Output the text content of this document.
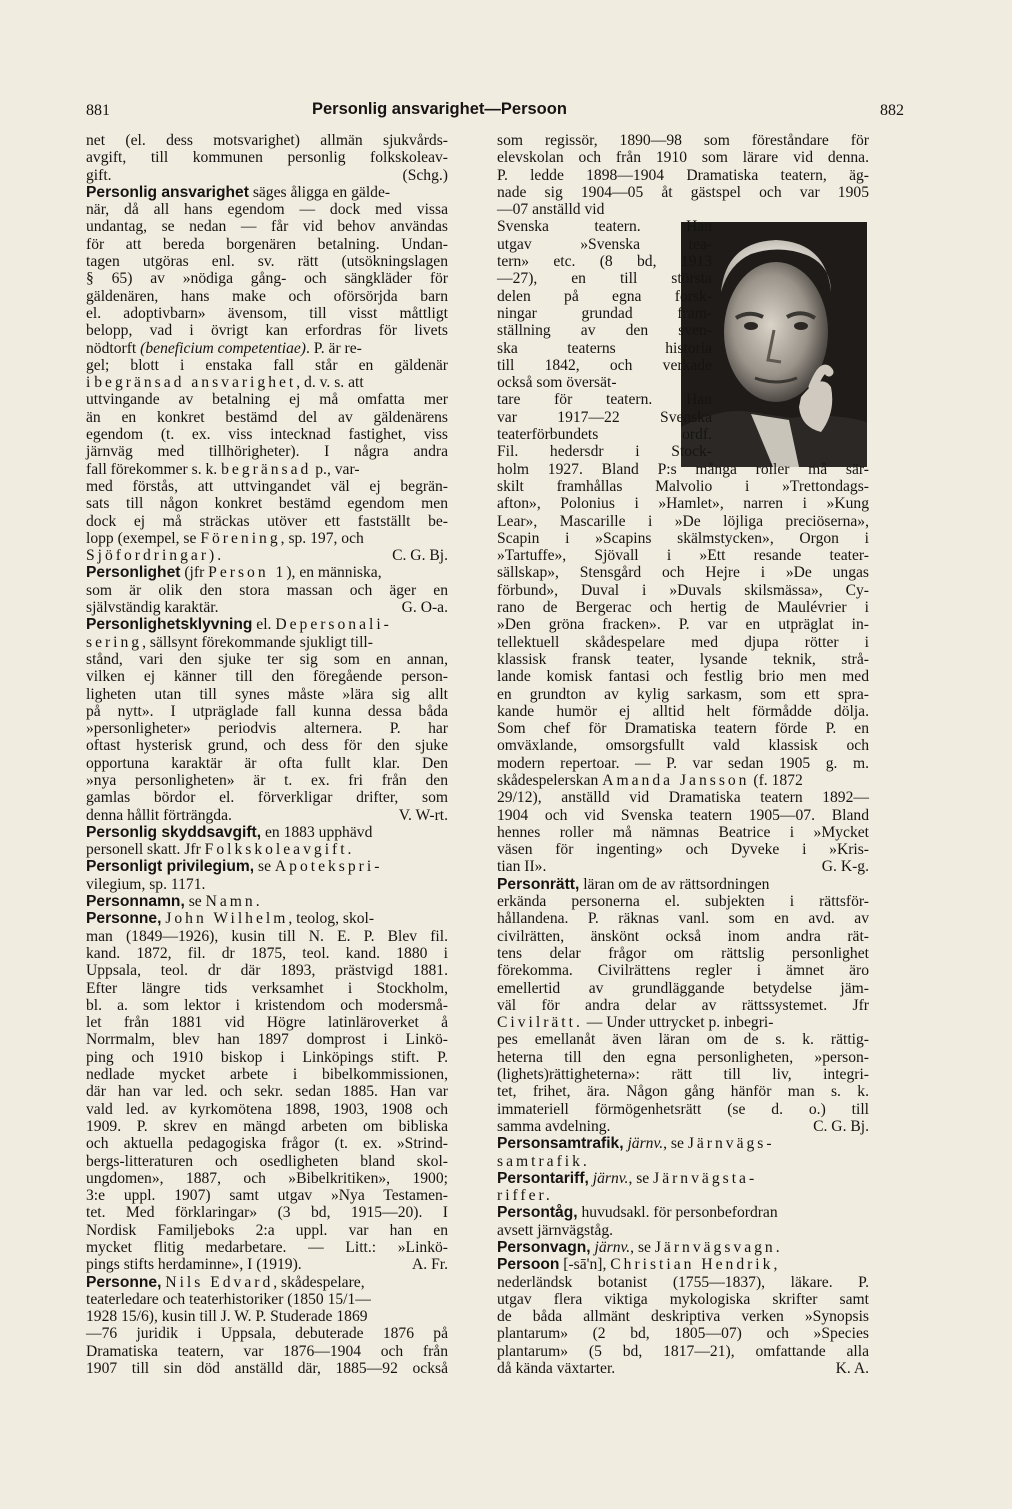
881	Personlig ansvarighet—Persoon	882
net (el. dess motsvarighet) allmän sjukvårds-
avgift, till kommunen personlig folkskoleav-
gift.	(Schg.)
Personlig ansvarighet säges åligga en gälde-
när, då all hans egendom — dock med vissa
undantag, se nedan — får vid behov användas
för att bereda borgenären betalning. Undan-
tagen utgöras enl. sv. rätt (utsökningslagen
§ 65) av »nödiga gång- och sängkläder för
gäldenären, hans make och oförsörjda barn
el. adoptivbarn» ävensom, till visst måttligt
belopp, vad i övrigt kan erfordras för livets
nödtorft (beneficium competentiae). P. är re-
gel; blott i enstaka fall står en gäldenär
i begränsad ansvarighet, d. v. s. att
uttvingande av betalning ej må omfatta mer
än en konkret bestämd del av gäldenärens
egendom (t. ex. viss intecknad fastighet, viss
järnväg med tillhörigheter). I några andra
fall förekommer s. k. begränsad p., var-
med förstås, att uttvingandet väl ej begrän-
sats till någon konkret bestämd egendom men
dock ej må sträckas utöver ett fastställt be-
lopp (exempel, se Förening, sp. 197, och
Sjöfordringar).	C. G. Bj.
Personlighet (jfr Person 1), en människa,
som är olik den stora massan och äger en
självständig karaktär.	G. O-a.
Personlighetsklyvning el. Depersonali-
sering, sällsynt förekommande sjukligt till-
stånd, vari den sjuke ter sig som en annan,
vilken ej känner till den föregående person-
ligheten utan till synes måste »lära sig allt
på nytt». I utpräglade fall kunna dessa båda
»personligheter» periodvis alternera. P. har
oftast hysterisk grund, och dess för den sjuke
opportuna karaktär är ofta fullt klar. Den
»nya personligheten» är t. ex. fri från den
gamlas bördor el. förverkligar drifter, som
denna hållit förträngda.	V. W-rt.
Personlig skyddsavgift, en 1883 upphävd
personell skatt. Jfr Folkskoleavgift.
Personligt privilegium, se Apotekspri-
vilegium, sp. 1171.
Personnamn, se Namn.
Personne, John Wilhelm, teolog, skol-
man (1849—1926), kusin till N. E. P. Blev fil.
kand. 1872, fil. dr 1875, teol. kand. 1880 i
Uppsala, teol. dr där 1893, prästvigd 1881.
Efter längre tids verksamhet i Stockholm,
bl. a. som lektor i kristendom och modersmå-
let från 1881 vid Högre latinläroverket å
Norrmalm, blev han 1897 domprost i Linkö-
ping och 1910 biskop i Linköpings stift. P.
nedlade mycket arbete i bibelkommissionen,
där han var led. och sekr. sedan 1885. Han var
vald led. av kyrkomötena 1898, 1903, 1908 och
1909. P. skrev en mängd arbeten om bibliska
och aktuella pedagogiska frågor (t. ex. »Strind-
bergs-litteraturen och osedligheten bland skol-
ungdomen», 1887, och »Bibelkritiken», 1900;
3:e uppl. 1907) samt utgav »Nya Testamen-
tet. Med förklaringar» (3 bd, 1915—20). I
Nordisk Familjeboks 2:a uppl. var han en
mycket flitig medarbetare. — Litt.: »Linkö-
pings stifts herdaminne», I (1919).	A. Fr.
Personne, Nils Edvard, skådespelare,
teaterledare och teaterhistoriker (1850 15/1—
1928 15/6), kusin till J. W. P. Studerade 1869
—76 juridik i Uppsala, debuterade 1876 på
Dramatiska teatern, var 1876—1904 och från
1907 till sin död anställd där, 1885—92 också
som regissör, 1890—98 som föreståndare för
elevskolan och från 1910 som lärare vid denna.
P. ledde 1898—1904 Dramatiska teatern, äg-
nade sig 1904—05 åt gästspel och var 1905
—07 anställd vid
Svenska teatern. Han
utgav »Svenska tea-
tern» etc. (8 bd, 1913
—27), en till största
delen på egna forsk-
ningar grundad fram-
ställning av den sven-
ska teaterns historia
till 1842, och verkade
också som översät-
tare för teatern. Han
var 1917—22 Svenska
teaterförbundets ordf.
Fil. hedersdr i Stock-
holm 1927. Bland P:s många roller må sär-
skilt framhållas Malvolio i »Trettondags-
afton», Polonius i »Hamlet», narren i »Kung
Lear», Mascarille i »De löjliga preciöserna»,
Scapin i »Scapins skälmstycken», Orgon i
»Tartuffe», Sjövall i »Ett resande teater-
sällskap», Stensgård och Hejre i »De ungas
förbund», Duval i »Duvals skilsmässa», Cy-
rano de Bergerac och hertig de Maulévrier i
»Den gröna fracken». P. var en utpräglat in-
tellektuell skådespelare med djupa rötter i
klassisk fransk teater, lysande teknik, strå-
lande komisk fantasi och festlig brio men med
en grundton av kylig sarkasm, som ett spra-
kande humör ej alltid helt förmådde dölja.
Som chef för Dramatiska teatern förde P. en
omväxlande, omsorgsfullt vald klassisk och
modern repertoar. — P. var sedan 1905 g. m.
skådespelerskan Amanda Jansson (f. 1872
29/12), anställd vid Dramatiska teatern 1892—
1904 och vid Svenska teatern 1905—07. Bland
hennes roller må nämnas Beatrice i »Mycket
väsen för ingenting» och Dyveke i »Kris-
tian II».	G. K-g.
Personrätt, läran om de av rättsordningen
erkända personerna el. subjekten i rättsför-
hållandena. P. räknas vanl. som en avd. av
civilrätten, änskönt också inom andra rät-
tens delar frågor om rättslig personlighet
förekomma. Civilrättens regler i ämnet äro
emellertid av grundläggande betydelse jäm-
väl för andra delar av rättssystemet. Jfr
Civilrätt. — Under uttrycket p. inbegri-
pes emellanåt även läran om de s. k. rättig-
heterna till den egna personligheten, »person-
(lighets)rättigheterna»: rätt till liv, integri-
tet, frihet, ära. Någon gång hänför man s. k.
immateriell förmögenhetsrätt (se d. o.) till
samma avdelning.	C. G. Bj.
Personsamtrafik, järnv., se Järnvägs-
samtrafik.
Persontariff, järnv., se Järnvägsta-
riffer.
Persontåg, huvudsakl. för personbefordran
avsett järnvägståg.
Personvagn, järnv., se Järnvägsvagn.
Persoon [-sā'n], Christian Hendrik,
nederländsk botanist (1755—1837), läkare. P.
utgav flera viktiga mykologiska skrifter samt
de båda allmänt deskriptiva verken »Synopsis
plantarum» (2 bd, 1805—07) och »Species
plantarum» (5 bd, 1817—21), omfattande alla
då kända växtarter.	K. A.
